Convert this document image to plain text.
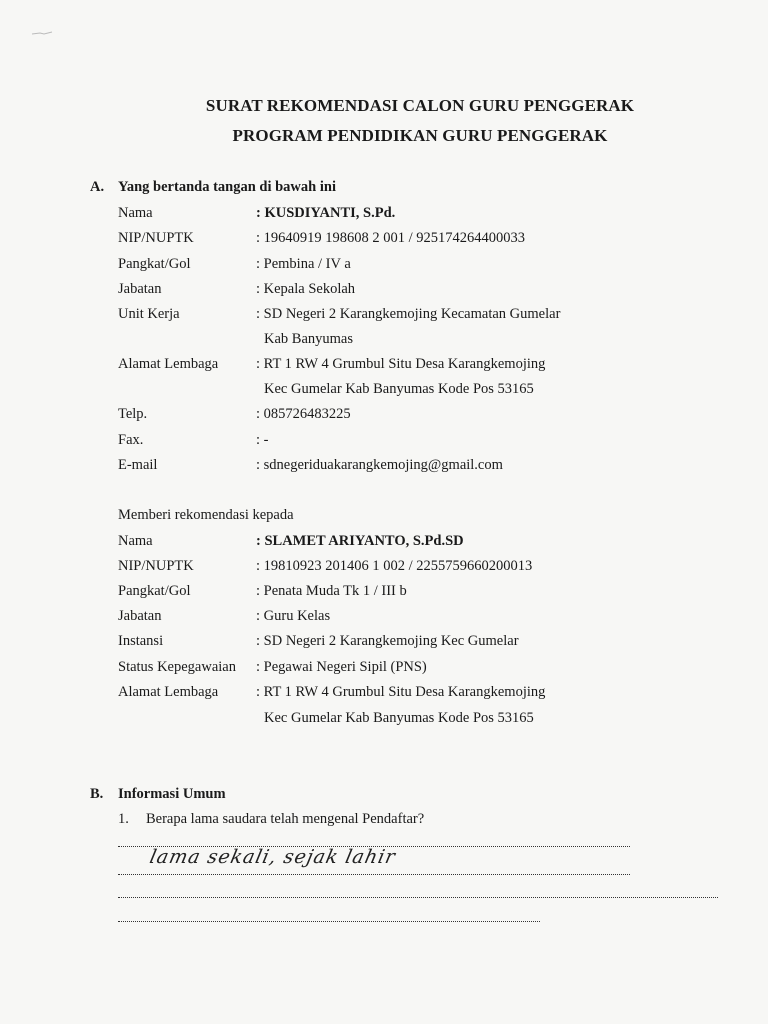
SURAT REKOMENDASI CALON GURU PENGGERAK
PROGRAM PENDIDIKAN GURU PENGGERAK
A. Yang bertanda tangan di bawah ini
Nama	: KUSDIYANTI, S.Pd.
NIP/NUPTK	: 19640919 198608 2 001 / 925174264400033
Pangkat/Gol	: Pembina / IV a
Jabatan	: Kepala Sekolah
Unit Kerja	: SD Negeri 2 Karangkemojing Kecamatan Gumelar
Kab Banyumas
Alamat Lembaga	: RT 1 RW 4 Grumbul Situ Desa Karangkemojing
Kec Gumelar Kab Banyumas Kode Pos 53165
Telp.	: 085726483225
Fax.	: -
E-mail	: sdnegeriduakarangkemojing@gmail.com
Memberi rekomendasi kepada
Nama	: SLAMET ARIYANTO, S.Pd.SD
NIP/NUPTK	: 19810923 201406 1 002 / 2255759660200013
Pangkat/Gol	: Penata Muda Tk 1 / III b
Jabatan	: Guru Kelas
Instansi	: SD Negeri 2 Karangkemojing Kec Gumelar
Status Kepegawaian : Pegawai Negeri Sipil (PNS)
Alamat Lembaga	: RT 1 RW 4 Grumbul Situ Desa Karangkemojing
Kec Gumelar Kab Banyumas Kode Pos 53165
B. Informasi Umum
1. Berapa lama saudara telah mengenal Pendaftar?
lama sekali, sejak lahir
